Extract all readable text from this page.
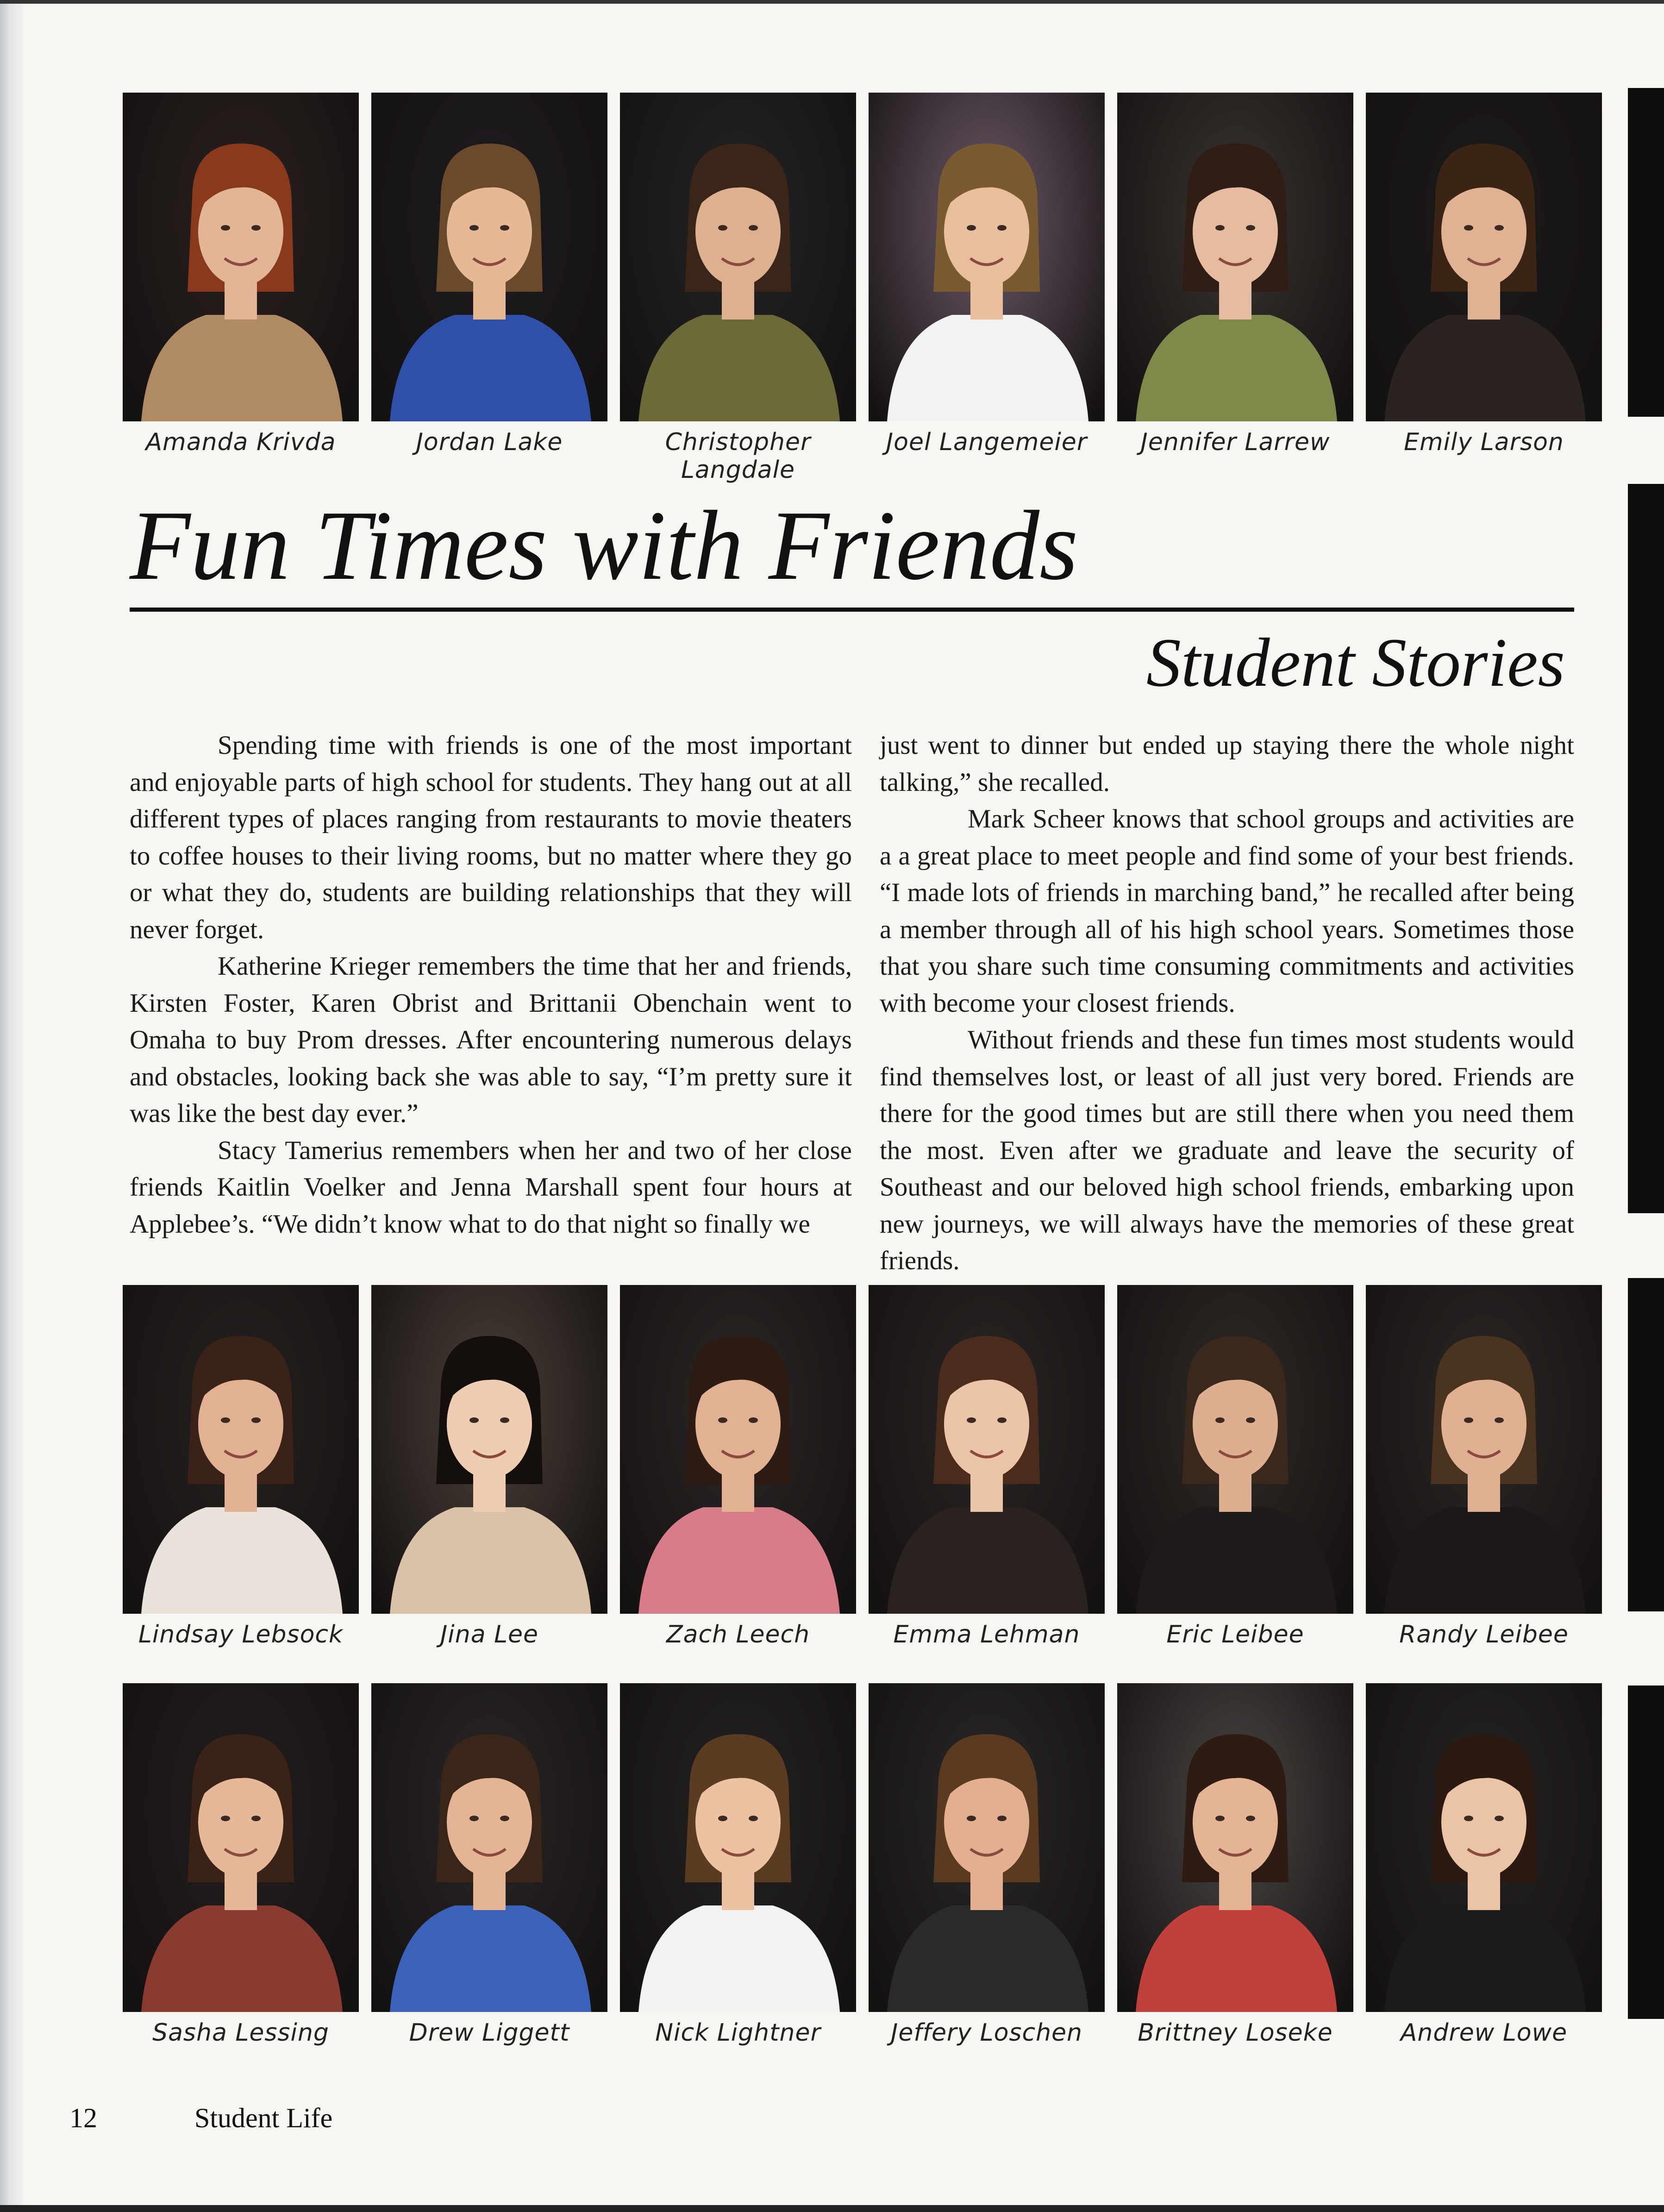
Amanda Krivda	Jordan Lake	Christopher Langdale
Joel Langemeier	Jennifer Larrew	Emily Larson
Fun Times with Friends
Student Stories

Spending time with friends is one of the most important and enjoyable parts of high school for students. They hang out at all different types of places ranging from restaurants to movie theaters to coffee houses to their living rooms, but no matter where they go or what they do, students are building relationships that they will never forget.

Katherine Krieger remembers the time that her and friends, Kirsten Foster, Karen Obrist and Brittanii Obenchain went to Omaha to buy Prom dresses. After encountering numerous delays and obstacles, looking back she was able to say, “I’m pretty sure it was like the best day ever.”

Stacy Tamerius remembers when her and two of her close friends Kaitlin Voelker and Jenna Marshall spent four hours at Applebee’s. “We didn’t know what to do that night so finally we

just went to dinner but ended up staying there the whole night talking,” she recalled.

Mark Scheer knows that school groups and activities are a a great place to meet people and find some of your best friends. “I made lots of friends in marching band,” he recalled after being a member through all of his high school years. Sometimes those that you share such time consuming commitments and activities with become your closest friends.

Without friends and these fun times most students would find themselves lost, or least of all just very bored. Friends are there for the good times but are still there when you need them the most. Even after we graduate and leave the security of Southeast and our beloved high school friends, embarking upon new journeys, we will always have the memories of these great friends.

Lindsay Lebsock	Jina Lee	Zach Leech	Emma Lehman	Eric Leibee	Randy Leibee
Sasha Lessing	Drew Liggett	Nick Lightner	Jeffery Loschen	Brittney Loseke	Andrew Lowe
12	Student Life
